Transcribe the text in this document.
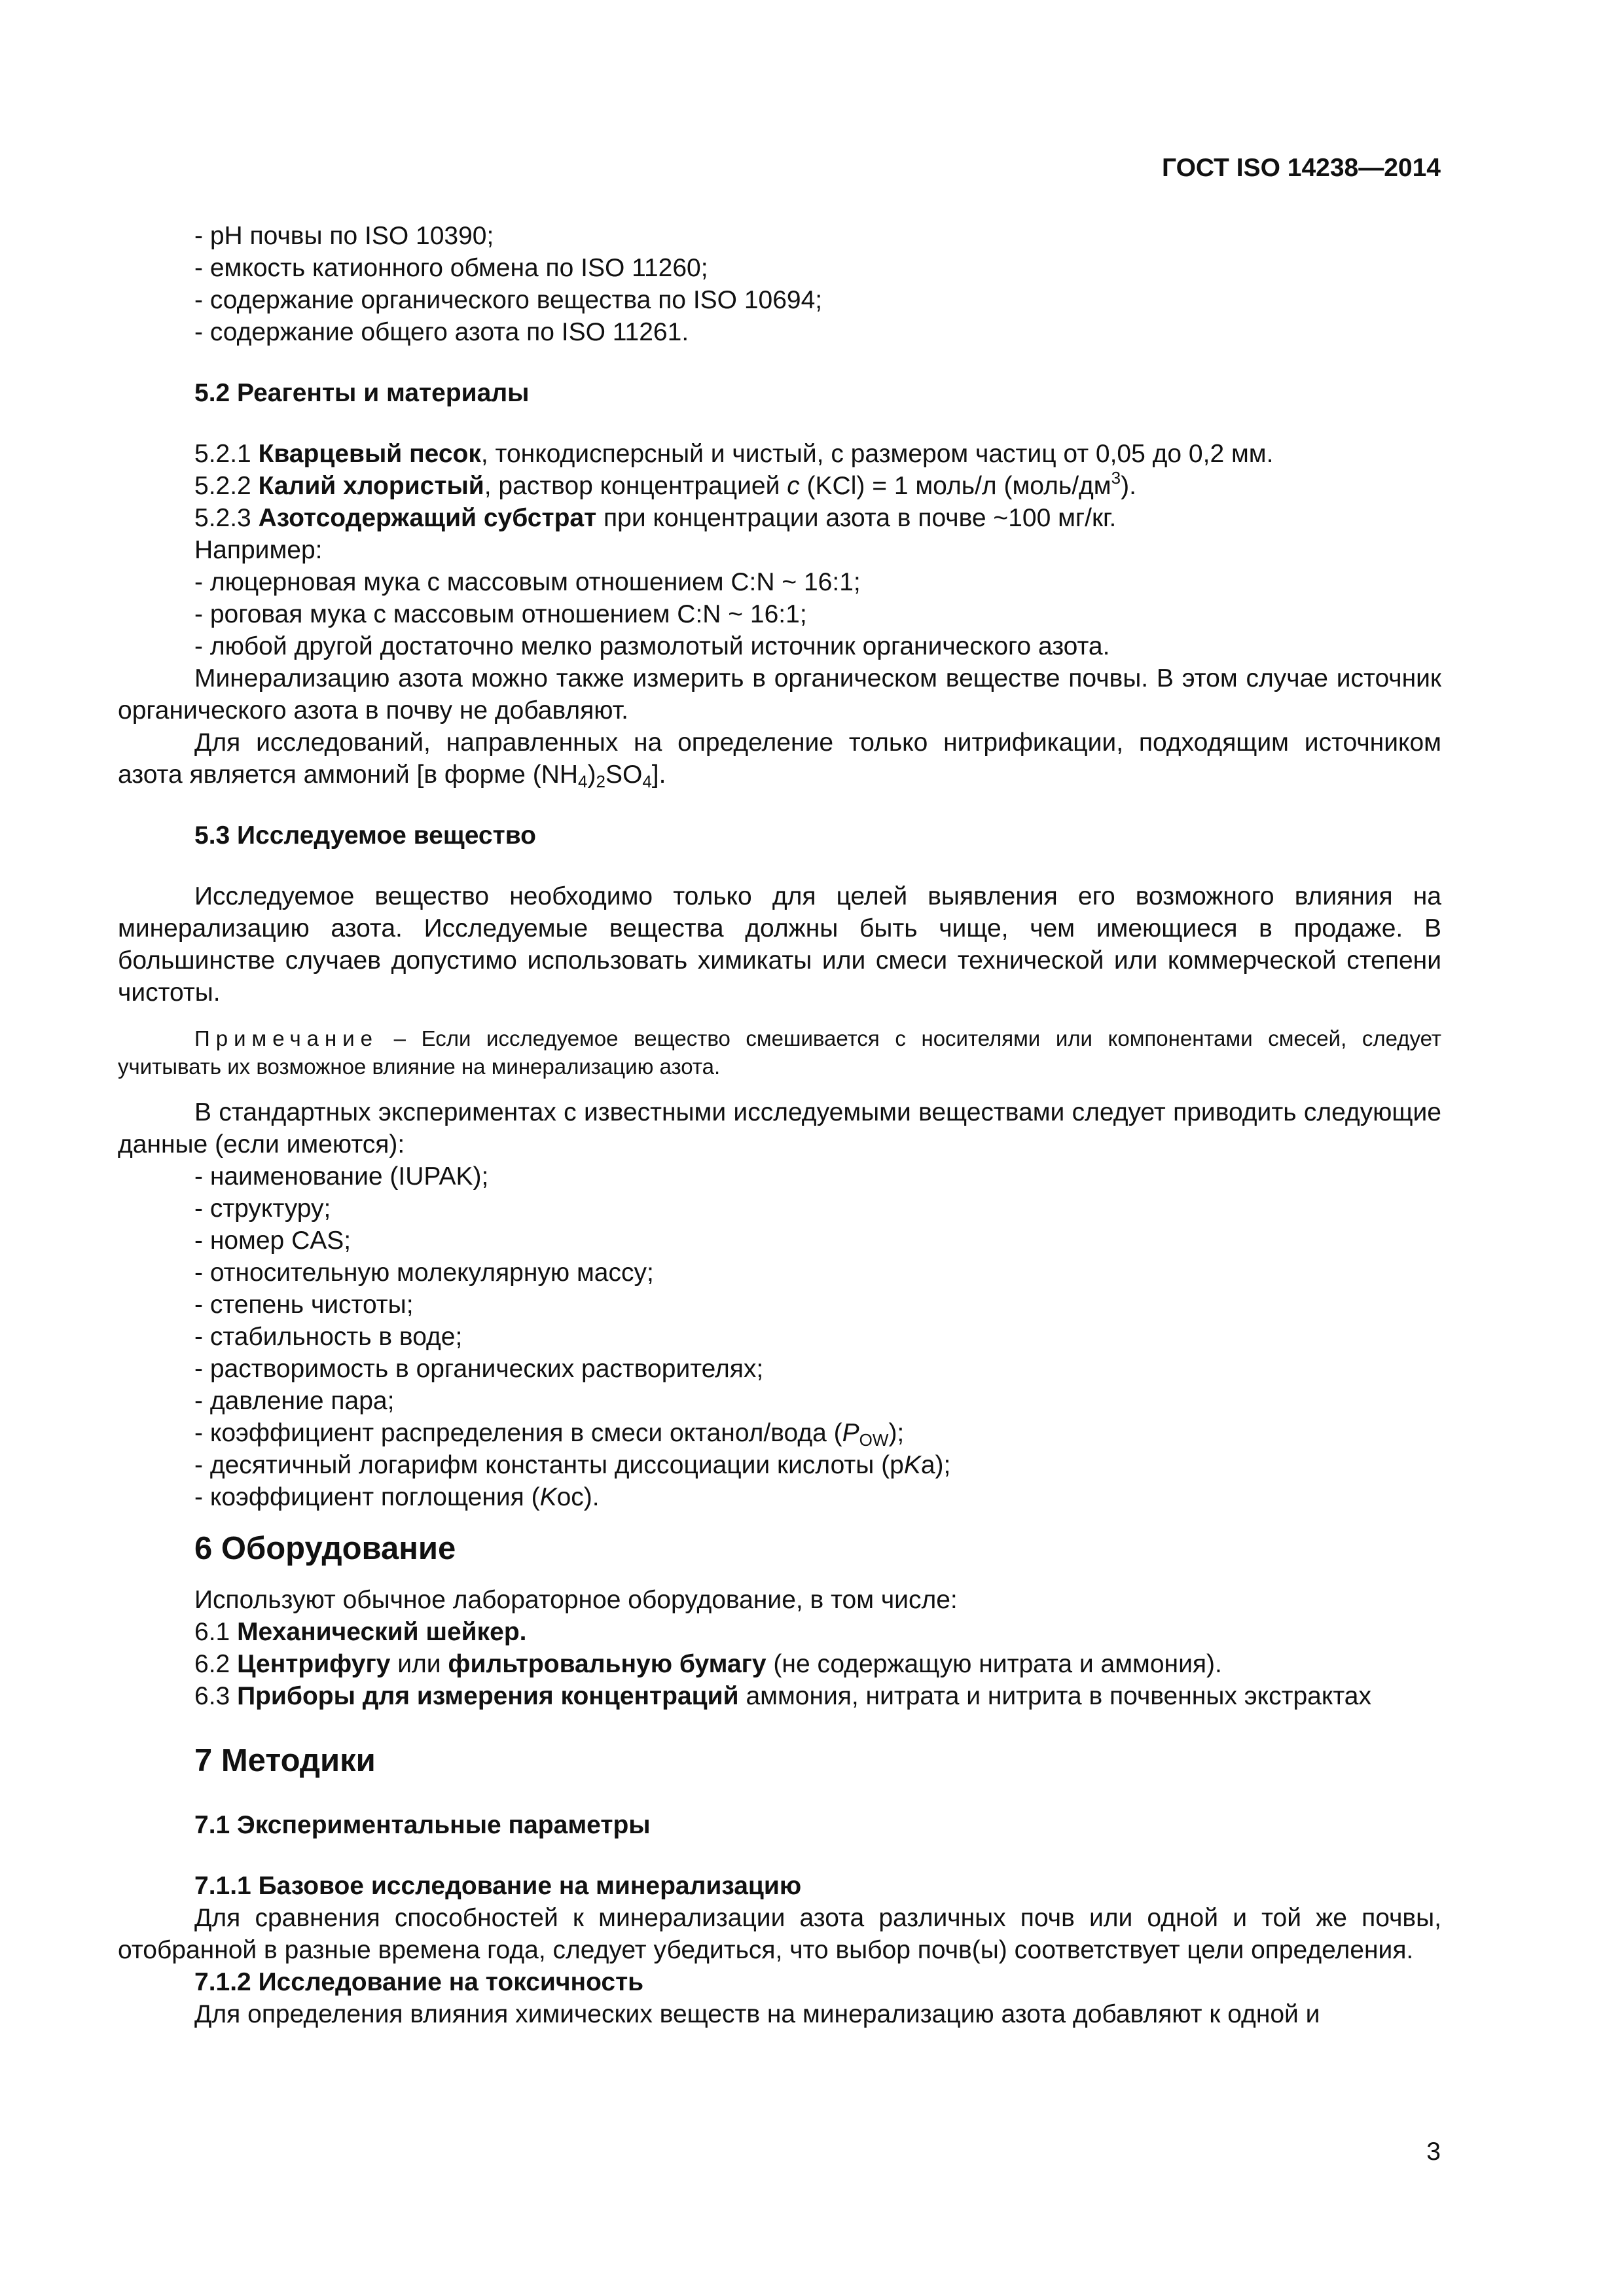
ГОСТ ISO 14238—2014

- pH почвы по ISO 10390;

- емкость катионного обмена по ISO 11260;

- содержание органического вещества по ISO 10694;

- содержание общего азота по ISO 11261.

5.2 Реагенты и материалы

5.2.1 Кварцевый песок, тонкодисперсный и чистый, с размером частиц от 0,05 до 0,2 мм.

5.2.2 Калий хлористый, раствор концентрацией c (KCl) = 1 моль/л $(моль/дм^3)$.

5.2.3 Азотсодержащий субстрат при концентрации азота в почве ~100 мг/кг.

Например:

- люцерновая мука с массовым отношением C:N ~ 16:1;

- роговая мука с массовым отношением C:N ~ 16:1;

- любой другой достаточно мелко размолотый источник органического азота.

Минерализацию азота можно также измерить в органическом веществе почвы. В этом случае источник органического азота в почву не добавляют.

Для исследований, направленных на определение только нитрификации, подходящим источником азота является аммоний [в форме $(NH_4)_2SO_4$].

5.3 Исследуемое вещество

Исследуемое вещество необходимо только для целей выявления его возможного влияния на минерализацию азота. Исследуемые вещества должны быть чище, чем имеющиеся в продаже. В большинстве случаев допустимо использовать химикаты или смеси технической или коммерческой степени чистоты.

Примечание – Если исследуемое вещество смешивается с носителями или компонентами смесей, следует учитывать их возможное влияние на минерализацию азота.

В стандартных экспериментах с известными исследуемыми веществами следует приводить следующие данные (если имеются):

- наименование (IUPAK);

- структуру;

- номер CAS;

- относительную молекулярную массу;

- степень чистоты;

- стабильность в воде;

- растворимость в органических растворителях;

- давление пара;

- коэффициент распределения в смеси октанол/вода $(P_{OW})$;

- десятичный логарифм константы диссоциации кислоты (pKa);

- коэффициент поглощения (Koc).

6 Оборудование

Используют обычное лабораторное оборудование, в том числе:

6.1 Механический шейкер.

6.2 Центрифугу или фильтровальную бумагу (не содержащую нитрата и аммония).

6.3 Приборы для измерения концентраций аммония, нитрата и нитрита в почвенных экстрактах

7 Методики

7.1 Экспериментальные параметры

7.1.1 Базовое исследование на минерализацию

Для сравнения способностей к минерализации азота различных почв или одной и той же почвы, отобранной в разные времена года, следует убедиться, что выбор почв(ы) соответствует цели определения.

7.1.2 Исследование на токсичность

Для определения влияния химических веществ на минерализацию азота добавляют к одной и

3
